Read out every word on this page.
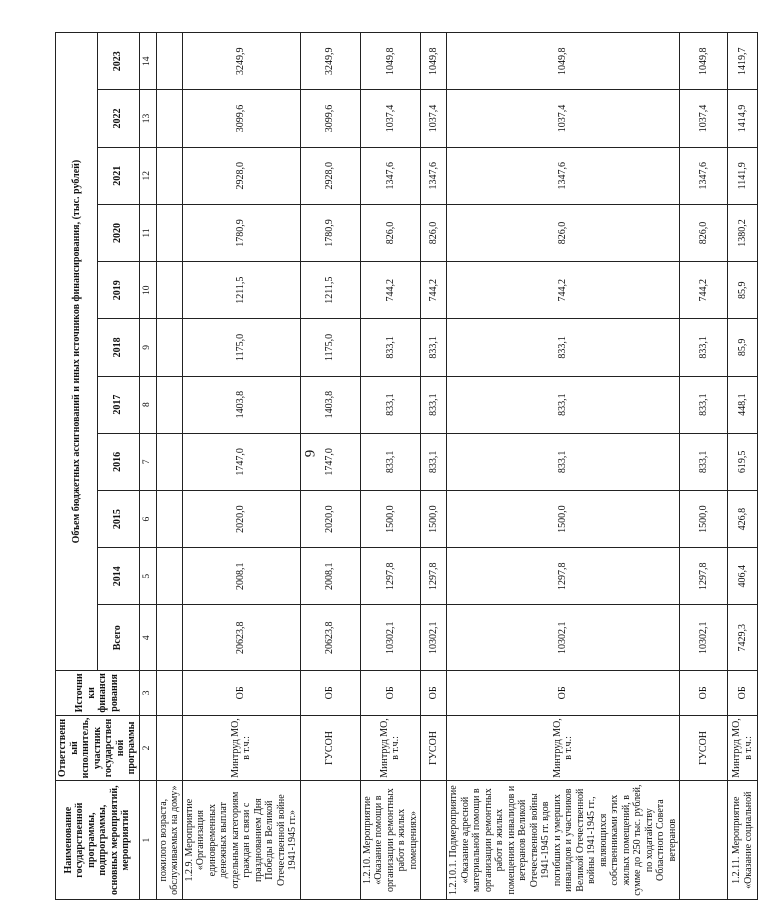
9
Наименование государственной программы, подпрограммы, основных мероприятий, мероприятий	Ответственный исполнитель, участник государственной программы	Источники финансирования	Объем бюджетных ассигнований и иных источников финансирования, (тыс. рублей)										
			Всего	2014	2015	2016	2017	2018	2019	2020	2021	2022	2023
1	2	3	4	5	6	7	8	9	10	11	12	13	14
пожилого возраста, обслуживаемых на дому»													
1.2.9. Мероприятие «Организация единовременных денежных выплат отдельным категориям граждан в связи с празднованием Дня Победы в Великой Отечественной войне 1941-1945 гг.»	Минтруд МО, в т.ч.:	ОБ	20623,8	2008,1	2020,0	1747,0	1403,8	1175,0	1211,5	1780,9	2928,0	3099,6	3249,9
	ГУСОН	ОБ	20623,8	2008,1	2020,0	1747,0	1403,8	1175,0	1211,5	1780,9	2928,0	3099,6	3249,9
1.2.10. Мероприятие «Оказание помощи в организации ремонтных работ в жилых помещениях»	Минтруд МО, в т.ч.:	ОБ	10302,1	1297,8	1500,0	833,1	833,1	833,1	744,2	826,0	1347,6	1037,4	1049,8
	ГУСОН	ОБ	10302,1	1297,8	1500,0	833,1	833,1	833,1	744,2	826,0	1347,6	1037,4	1049,8
1.2.10.1. Подмероприятие «Оказание адресной материальной помощи в организации ремонтных работ в жилых помещениях инвалидов и ветеранов Великой Отечественной войны 1941-1945 гг. вдов погибших и умерших инвалидов и участников Великой Отечественной войны 1941-1945 гг., являющихся собственниками этих жилых помещений, в сумме до 250 тыс. рублей, по ходатайству Областного Совета ветеранов	Минтруд МО, в т.ч.:	ОБ	10302,1	1297,8	1500,0	833,1	833,1	833,1	744,2	826,0	1347,6	1037,4	1049,8
	ГУСОН	ОБ	10302,1	1297,8	1500,0	833,1	833,1	833,1	744,2	826,0	1347,6	1037,4	1049,8
1.2.11. Мероприятие «Оказание социальной	Минтруд МО, в т.ч.:	ОБ	7429,3	406,4	426,8	619,5	448,1	85,9	85,9	1380,2	1141,9	1414,9	1419,7
